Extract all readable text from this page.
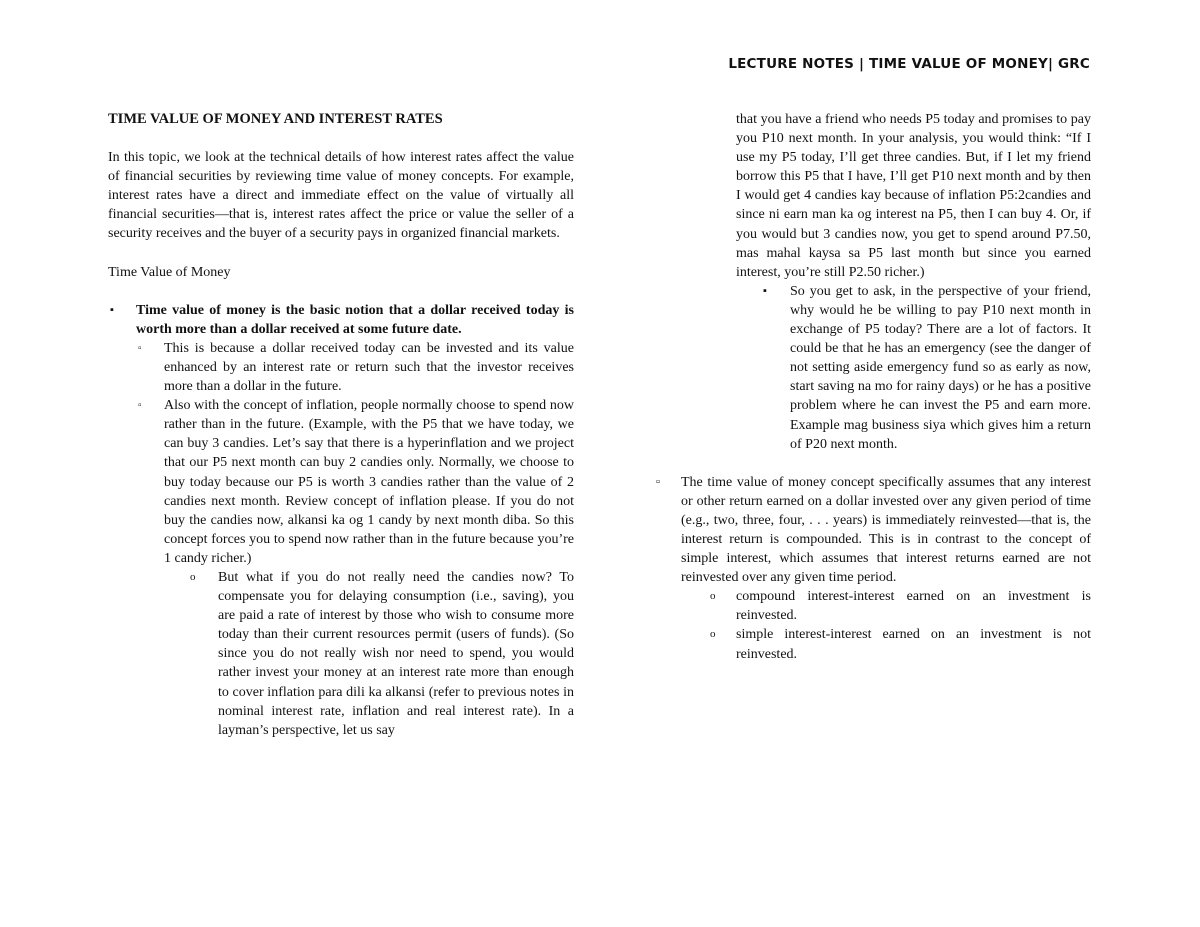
LECTURE NOTES | TIME VALUE OF MONEY| GRC

TIME VALUE OF MONEY AND INTEREST RATES

In this topic, we look at the technical details of how interest rates affect the value of financial securities by reviewing time value of money concepts. For example, interest rates have a direct and immediate effect on the value of virtually all financial securities—that is, interest rates affect the price or value the seller of a security receives and the buyer of a security pays in organized financial markets.

Time Value of Money

▪ Time value of money is the basic notion that a dollar received today is worth more than a dollar received at some future date.

▫ This is because a dollar received today can be invested and its value enhanced by an interest rate or return such that the investor receives more than a dollar in the future.

▫ Also with the concept of inflation, people normally choose to spend now rather than in the future. (Example, with the P5 that we have today, we can buy 3 candies. Let’s say that there is a hyperinflation and we project that our P5 next month can buy 2 candies only. Normally, we choose to buy today because our P5 is worth 3 candies rather than the value of 2 candies next month. Review concept of inflation please. If you do not buy the candies now, alkansi ka og 1 candy by next month diba. So this concept forces you to spend now rather than in the future because you’re 1 candy richer.)

o But what if you do not really need the candies now? To compensate you for delaying consumption (i.e., saving), you are paid a rate of interest by those who wish to consume more today than their current resources permit (users of funds). (So since you do not really wish nor need to spend, you would rather invest your money at an interest rate more than enough to cover inflation para dili ka alkansi (refer to previous notes in nominal interest rate, inflation and real interest rate). In a layman’s perspective, let us say

that you have a friend who needs P5 today and promises to pay you P10 next month. In your analysis, you would think: “If I use my P5 today, I’ll get three candies. But, if I let my friend borrow this P5 that I have, I’ll get P10 next month and by then I would get 4 candies kay because of inflation P5:2candies and since ni earn man ka og interest na P5, then I can buy 4. Or, if you would but 3 candies now, you get to spend around P7.50, mas mahal kaysa sa P5 last month but since you earned interest, you’re still P2.50 richer.)

▪ So you get to ask, in the perspective of your friend, why would he be willing to pay P10 next month in exchange of P5 today? There are a lot of factors. It could be that he has an emergency (see the danger of not setting aside emergency fund so as early as now, start saving na mo for rainy days) or he has a positive problem where he can invest the P5 and earn more. Example mag business siya which gives him a return of P20 next month.

▫ The time value of money concept specifically assumes that any interest or other return earned on a dollar invested over any given period of time (e.g., two, three, four, . . . years) is immediately reinvested—that is, the interest return is compounded. This is in contrast to the concept of simple interest, which assumes that interest returns earned are not reinvested over any given time period.

o compound interest-interest earned on an investment is reinvested.

o simple interest-interest earned on an investment is not reinvested.
